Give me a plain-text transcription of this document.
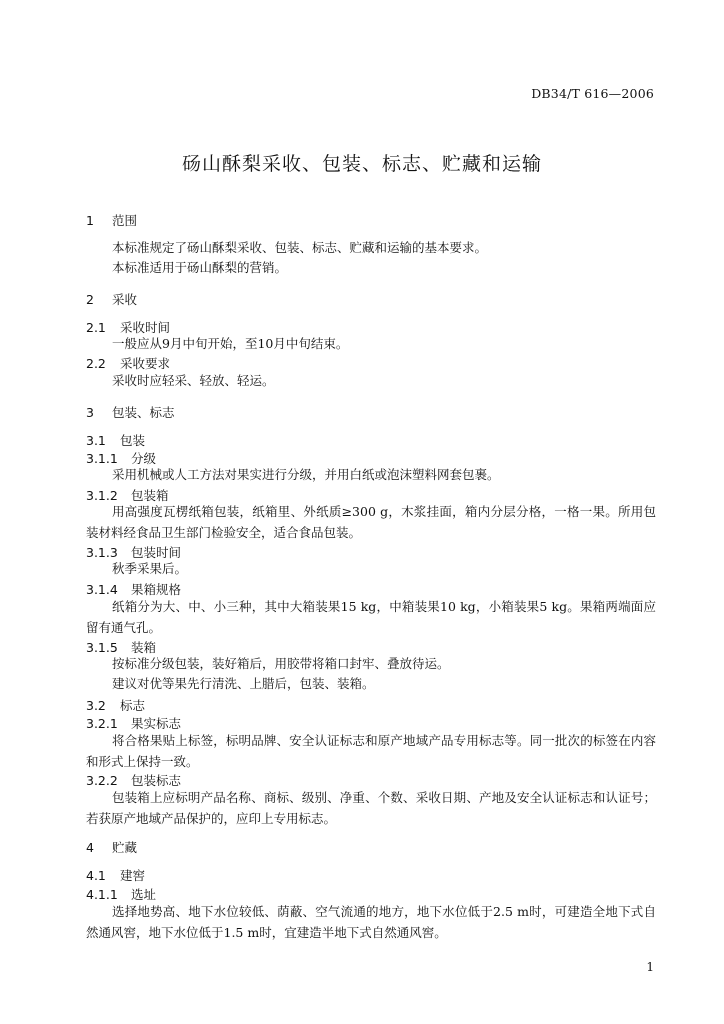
DB34/T 616—2006
砀山酥梨采收、包装、标志、贮藏和运输
1 范围
本标准规定了砀山酥梨采收、包装、标志、贮藏和运输的基本要求。
本标准适用于砀山酥梨的营销。
2 采收
2.1 采收时间
一般应从9月中旬开始，至10月中旬结束。
2.2 采收要求
采收时应轻采、轻放、轻运。
3 包装、标志
3.1 包装
3.1.1 分级
采用机械或人工方法对果实进行分级，并用白纸或泡沫塑料网套包裹。
3.1.2 包装箱
用高强度瓦楞纸箱包装，纸箱里、外纸质≥300 g，木浆挂面，箱内分层分格，一格一果。所用包装材料经食品卫生部门检验安全，适合食品包装。
3.1.3 包装时间
秋季采果后。
3.1.4 果箱规格
纸箱分为大、中、小三种，其中大箱装果15 kg，中箱装果10 kg，小箱装果5 kg。果箱两端面应留有通气孔。
3.1.5 装箱
按标准分级包装，装好箱后，用胶带将箱口封牢、叠放待运。
建议对优等果先行清洗、上腊后，包装、装箱。
3.2 标志
3.2.1 果实标志
将合格果贴上标签，标明品牌、安全认证标志和原产地域产品专用标志等。同一批次的标签在内容和形式上保持一致。
3.2.2 包装标志
包装箱上应标明产品名称、商标、级别、净重、个数、采收日期、产地及安全认证标志和认证号；若获原产地域产品保护的，应印上专用标志。
4 贮藏
4.1 建窖
4.1.1 选址
选择地势高、地下水位较低、荫蔽、空气流通的地方，地下水位低于2.5 m时，可建造全地下式自然通风窖，地下水位低于1.5 m时，宜建造半地下式自然通风窖。
1
